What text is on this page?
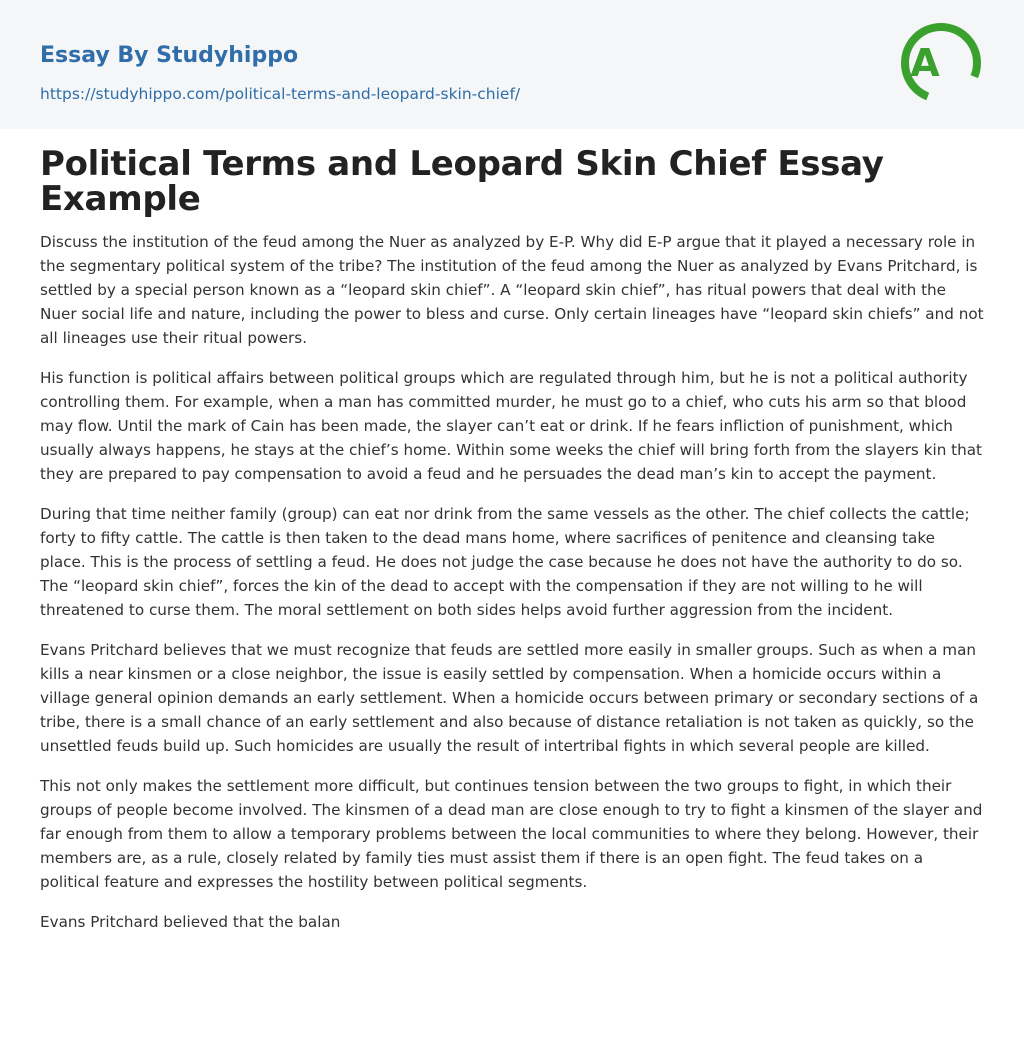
Essay By Studyhippo
https://studyhippo.com/political-terms-and-leopard-skin-chief/
A
Political Terms and Leopard Skin Chief Essay Example

Discuss the institution of the feud among the Nuer as analyzed by E-P. Why did E-P argue that it played a necessary role in the segmentary political system of the tribe? The institution of the feud among the Nuer as analyzed by Evans Pritchard, is settled by a special person known as a “leopard skin chief”. A “leopard skin chief”, has ritual powers that deal with the Nuer social life and nature, including the power to bless and curse. Only certain lineages have “leopard skin chiefs” and not all lineages use their ritual powers.

His function is political affairs between political groups which are regulated through him, but he is not a political authority controlling them. For example, when a man has committed murder, he must go to a chief, who cuts his arm so that blood may flow. Until the mark of Cain has been made, the slayer can’t eat or drink. If he fears infliction of punishment, which usually always happens, he stays at the chief’s home. Within some weeks the chief will bring forth from the slayers kin that they are prepared to pay compensation to avoid a feud and he persuades the dead man’s kin to accept the payment.

During that time neither family (group) can eat nor drink from the same vessels as the other. The chief collects the cattle; forty to fifty cattle. The cattle is then taken to the dead mans home, where sacrifices of penitence and cleansing take place. This is the process of settling a feud. He does not judge the case because he does not have the authority to do so. The “leopard skin chief”, forces the kin of the dead to accept with the compensation if they are not willing to he will threatened to curse them. The moral settlement on both sides helps avoid further aggression from the incident.

Evans Pritchard believes that we must recognize that feuds are settled more easily in smaller groups. Such as when a man kills a near kinsmen or a close neighbor, the issue is easily settled by compensation. When a homicide occurs within a village general opinion demands an early settlement. When a homicide occurs between primary or secondary sections of a tribe, there is a small chance of an early settlement and also because of distance retaliation is not taken as quickly, so the unsettled feuds build up. Such homicides are usually the result of intertribal fights in which several people are killed.

This not only makes the settlement more difficult, but continues tension between the two groups to fight, in which their groups of people become involved. The kinsmen of a dead man are close enough to try to fight a kinsmen of the slayer and far enough from them to allow a temporary problems between the local communities to where they belong. However, their members are, as a rule, closely related by family ties must assist them if there is an open fight. The feud takes on a political feature and expresses the hostility between political segments.

Evans Pritchard believed that the balan
